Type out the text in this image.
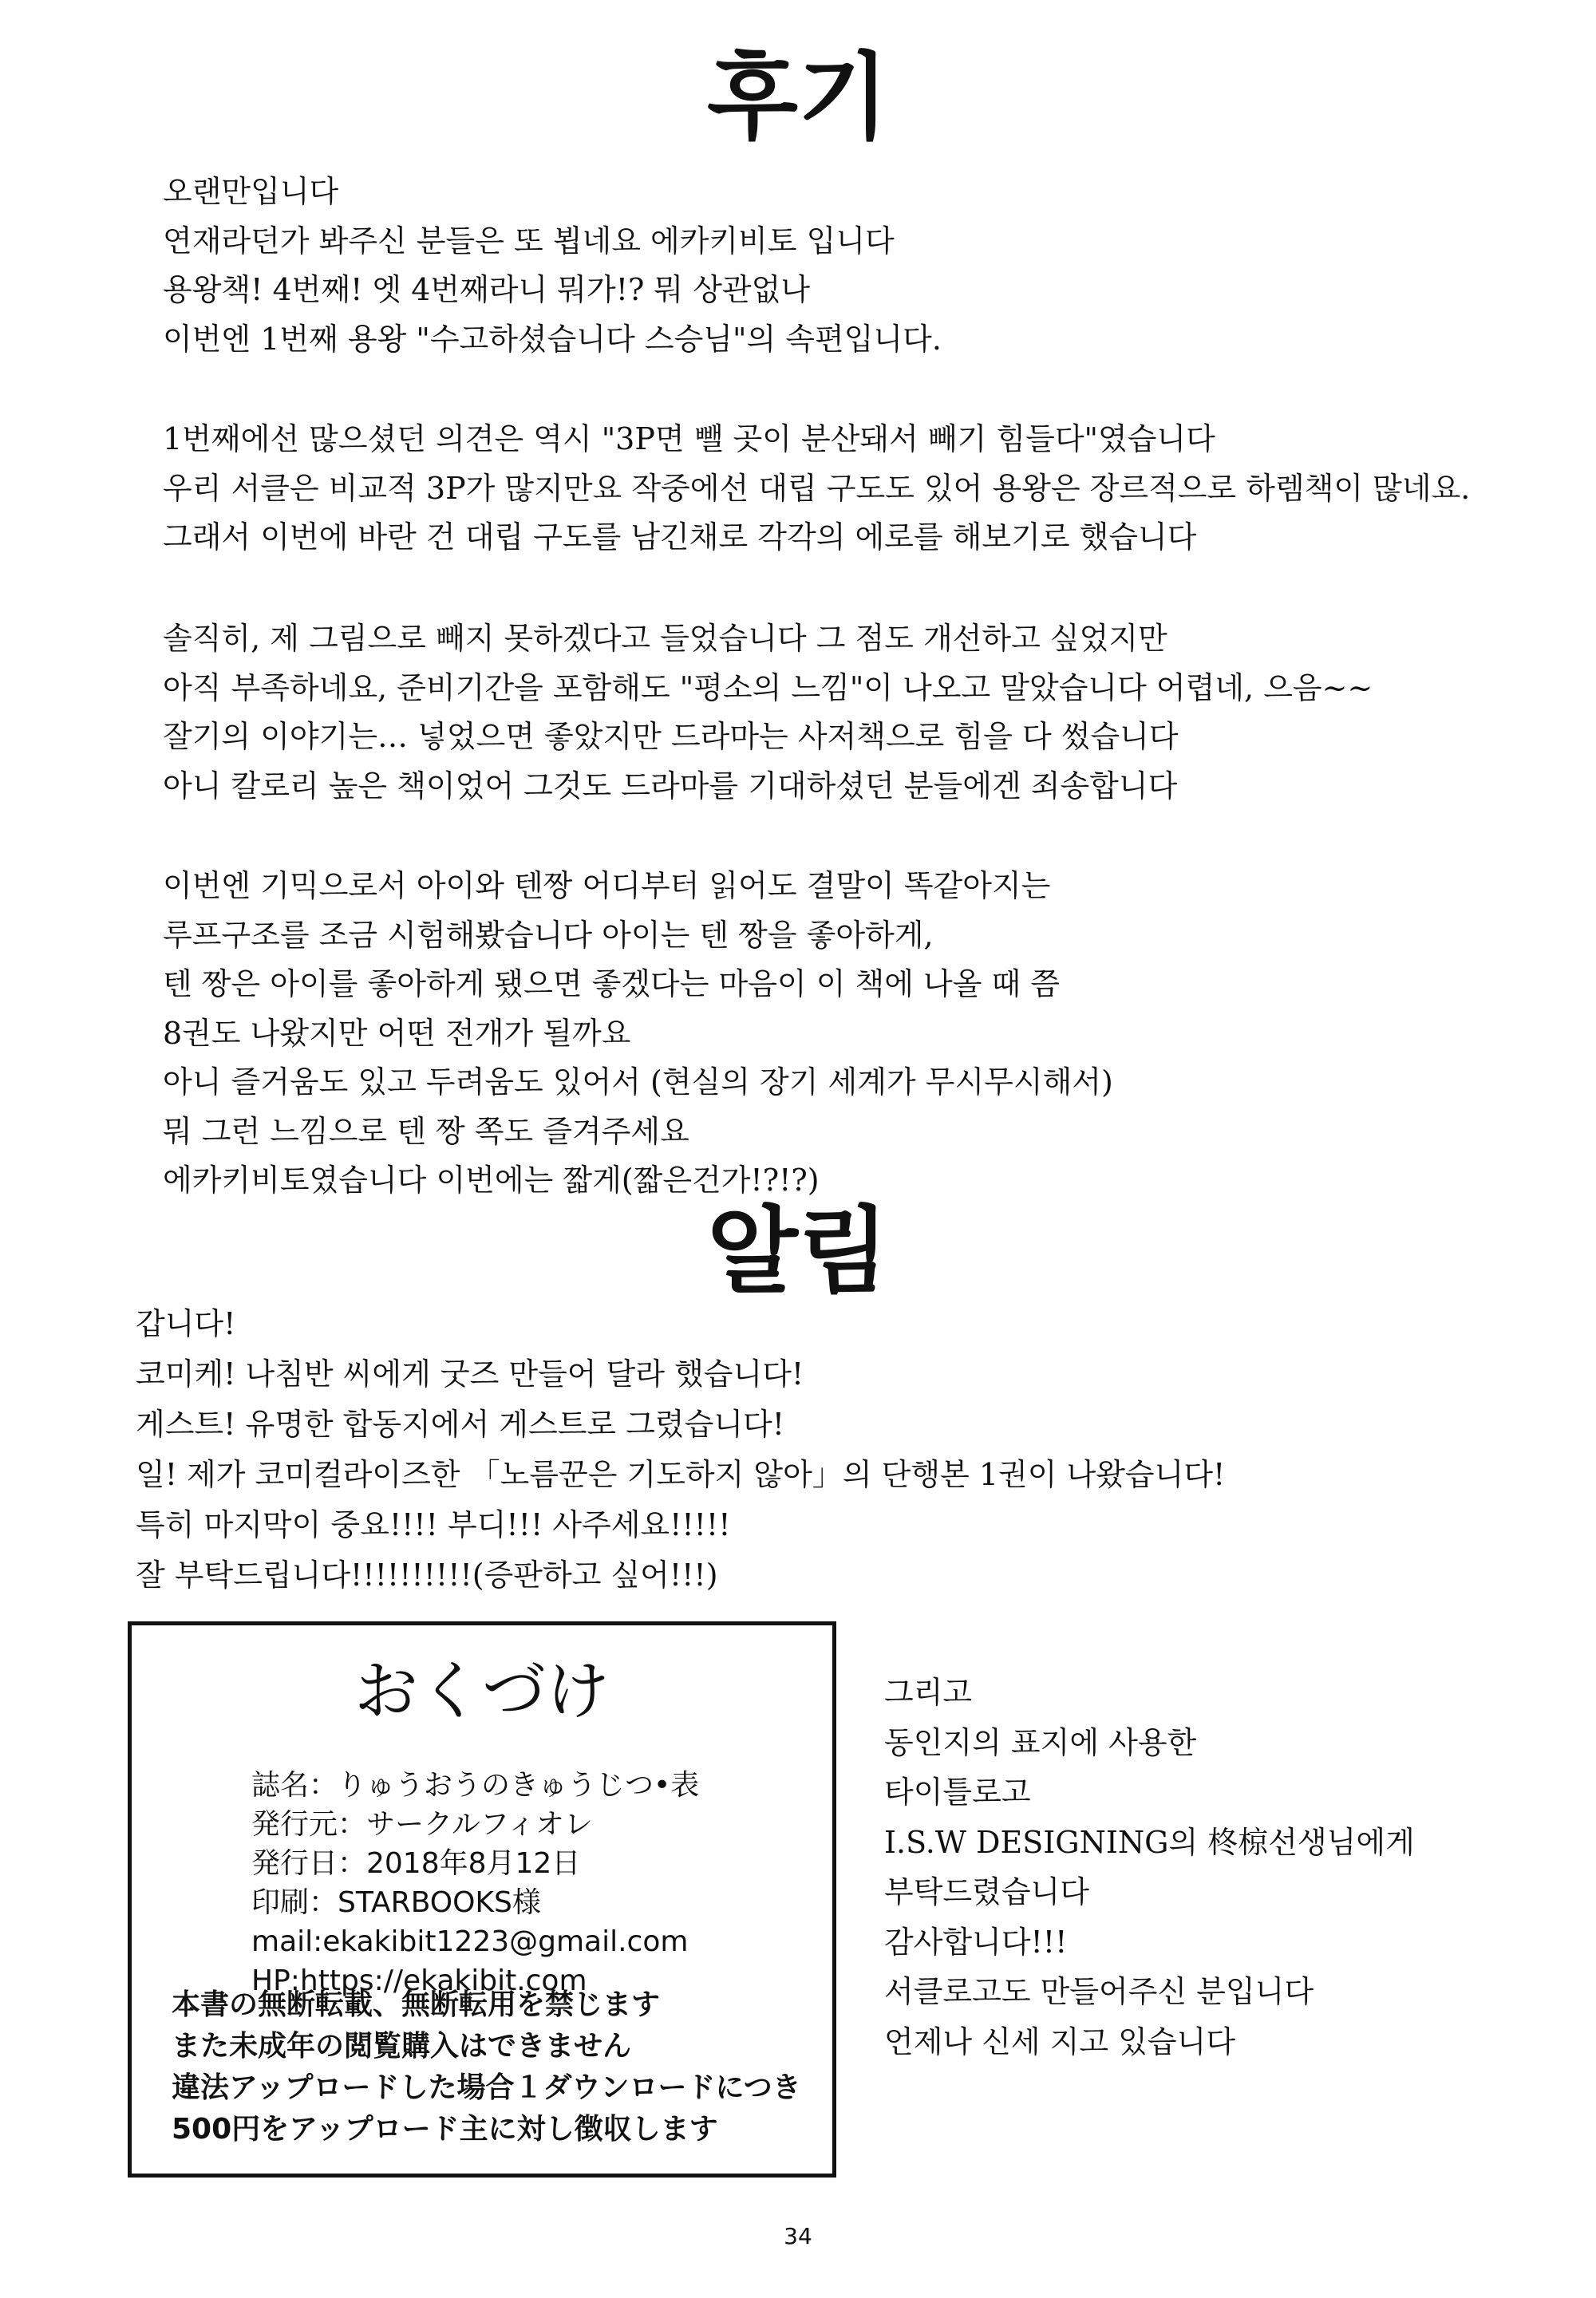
후기
오랜만입니다
연재라던가 봐주신 분들은 또 뵙네요 에카키비토 입니다
용왕책! 4번째! 엣 4번째라니 뭐가!? 뭐 상관없나
이번엔 1번째 용왕 "수고하셨습니다 스승님"의 속편입니다.
1번째에선 많으셨던 의견은 역시 "3P면 뺄 곳이 분산돼서 빼기 힘들다"였습니다
우리 서클은 비교적 3P가 많지만요 작중에선 대립 구도도 있어 용왕은 장르적으로 하렘책이 많네요.
그래서 이번에 바란 건 대립 구도를 남긴채로 각각의 에로를 해보기로 했습니다
솔직히, 제 그림으로 빼지 못하겠다고 들었습니다 그 점도 개선하고 싶었지만
아직 부족하네요, 준비기간을 포함해도 "평소의 느낌"이 나오고 말았습니다 어렵네, 으음~~
잘기의 이야기는… 넣었으면 좋았지만 드라마는 사저책으로 힘을 다 썼습니다
아니 칼로리 높은 책이었어 그것도 드라마를 기대하셨던 분들에겐 죄송합니다
이번엔 기믹으로서 아이와 텐짱 어디부터 읽어도 결말이 똑같아지는
루프구조를 조금 시험해봤습니다 아이는 텐 짱을 좋아하게,
텐 짱은 아이를 좋아하게 됐으면 좋겠다는 마음이 이 책에 나올 때 쯤
8권도 나왔지만 어떤 전개가 될까요
아니 즐거움도 있고 두려움도 있어서 (현실의 장기 세계가 무시무시해서)
뭐 그런 느낌으로 텐 짱 쪽도 즐겨주세요
에카키비토였습니다 이번에는 짧게(짧은건가!?!?)
알림
갑니다!
코미케! 나침반 씨에게 굿즈 만들어 달라 했습니다!
게스트! 유명한 합동지에서 게스트로 그렸습니다!
일! 제가 코미컬라이즈한 「노름꾼은 기도하지 않아」의 단행본 1권이 나왔습니다!
특히 마지막이 중요!!!! 부디!!! 사주세요!!!!!
잘 부탁드립니다!!!!!!!!!!(증판하고 싶어!!!)
おくづけ
誌名：りゅうおうのきゅうじつ•表
発行元：サークルフィオレ
発行日：2018年8月12日
印刷：STARBOOKS様
mail:ekakibit1223@gmail.com
HP:https://ekakibit.com
本書の無断転載、無断転用を禁じます
また未成年の閲覧購入はできません
違法アップロードした場合１ダウンロードにつき
500円をアップロード主に対し徴収します
그리고
동인지의 표지에 사용한
타이틀로고
I.S.W DESIGNING의 柊椋선생님에게
부탁드렸습니다
감사합니다!!!
서클로고도 만들어주신 분입니다
언제나 신세 지고 있습니다
34
